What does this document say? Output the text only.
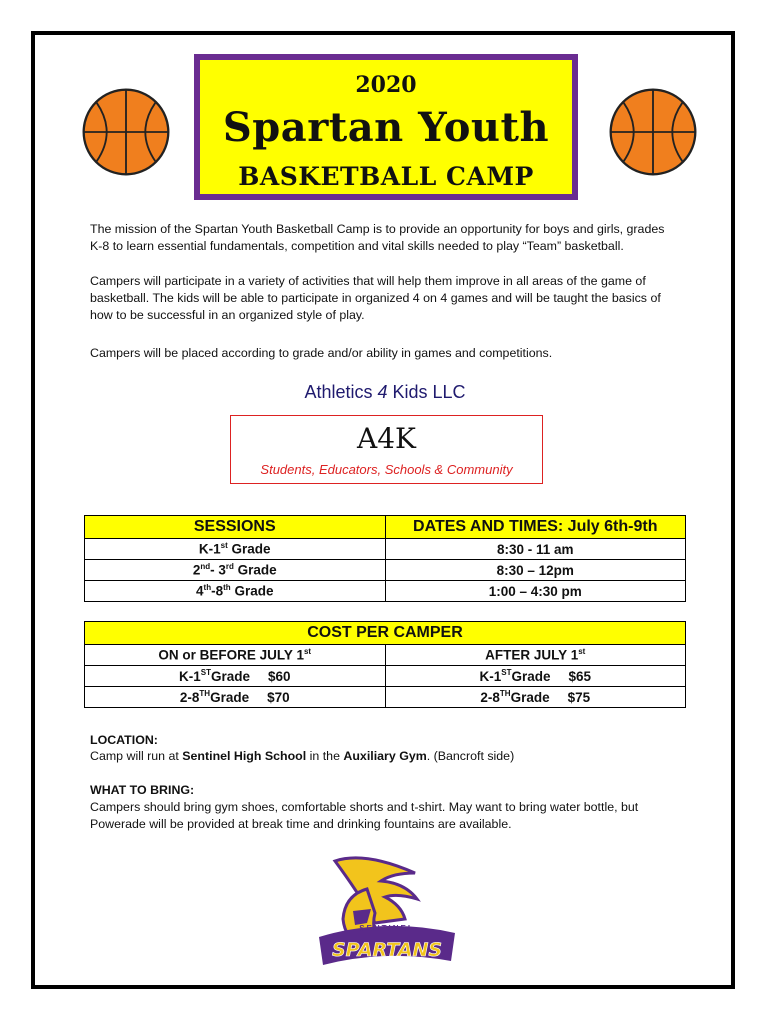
2020
Spartan Youth
BASKETBALL CAMP
The mission of the Spartan Youth Basketball Camp is to provide an opportunity for boys and girls, grades K-8 to learn essential fundamentals, competition and vital skills needed to play “Team” basketball.
Campers will participate in a variety of activities that will help them improve in all areas of the game of basketball. The kids will be able to participate in organized 4 on 4 games and will be taught the basics of how to be successful in an organized style of play.
Campers will be placed according to grade and/or ability in games and competitions.
Athletics 4 Kids LLC
A4K
Students, Educators, Schools & Community
SESSIONS	DATES AND TIMES: July 6th-9th
K-1st Grade	8:30 - 11 am
2nd- 3rd Grade	8:30 – 12pm
4th-8th Grade	1:00 – 4:30 pm
COST PER CAMPER	
ON or BEFORE JULY 1st	AFTER JULY 1st
K-1STGrade $60	K-1STGrade $65
2-8THGrade $70	2-8THGrade $75
LOCATION:
Camp will run at Sentinel High School in the Auxiliary Gym. (Bancroft side)
WHAT TO BRING:
Campers should bring gym shoes, comfortable shorts and t-shirt. May want to bring water bottle, but Powerade will be provided at break time and drinking fountains are available.
SENTINEL
SPARTANS
